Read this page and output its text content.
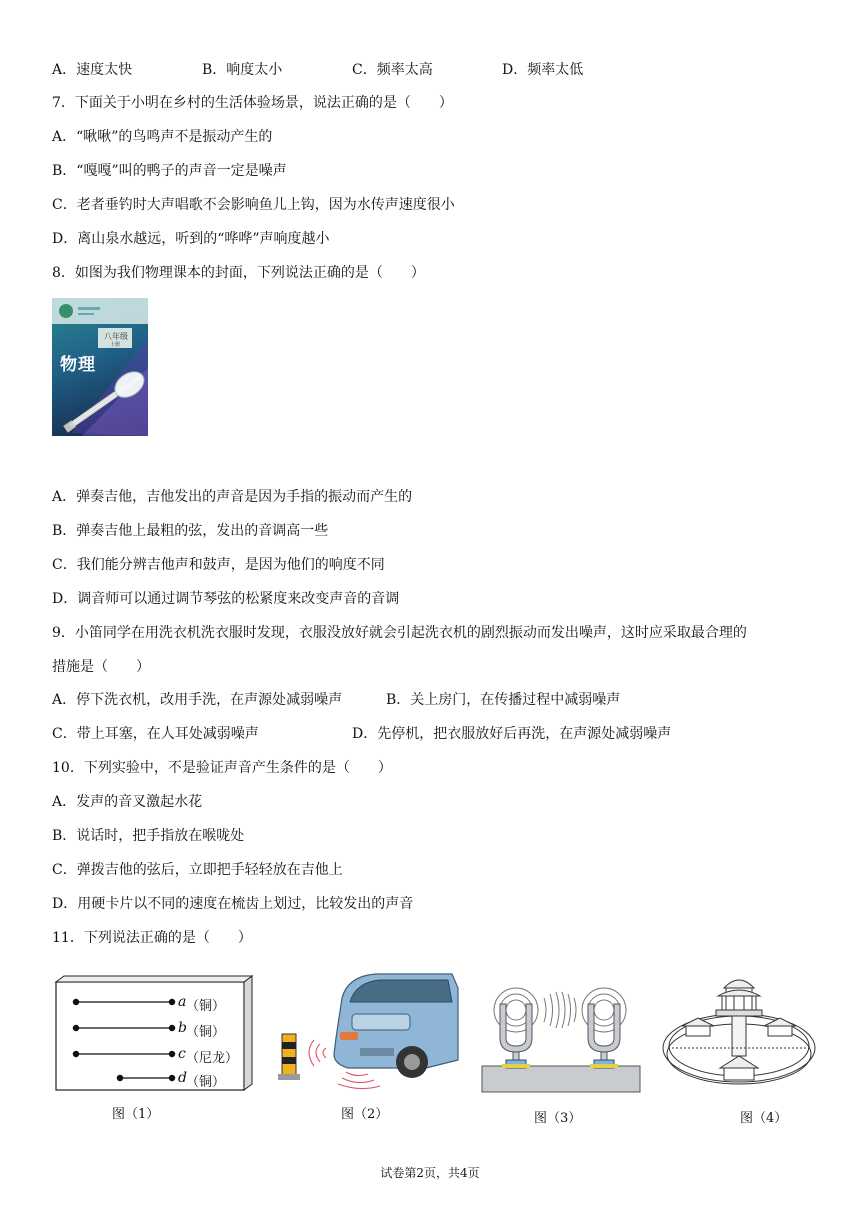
A．速度太快	B．响度太小	C．频率太高	D．频率太低
7．下面关于小明在乡村的生活体验场景，说法正确的是（　　）
A．“啾啾”的鸟鸣声不是振动产生的
B．“嘎嘎”叫的鸭子的声音一定是噪声
C．老者垂钓时大声唱歌不会影响鱼儿上钩，因为水传声速度很小
D．离山泉水越远，听到的“哗哗”声响度越小
8．如图为我们物理课本的封面，下列说法正确的是（　　）
八年级
上册
物理
A．弹奏吉他，吉他发出的声音是因为手指的振动而产生的
B．弹奏吉他上最粗的弦，发出的音调高一些
C．我们能分辨吉他声和鼓声，是因为他们的响度不同
D．调音师可以通过调节琴弦的松紧度来改变声音的音调
9．小笛同学在用洗衣机洗衣服时发现，衣服没放好就会引起洗衣机的剧烈振动而发出噪声，这时应采取最合理的
措施是（　　）
A．停下洗衣机，改用手洗，在声源处减弱噪声	B．关上房门，在传播过程中减弱噪声
C．带上耳塞，在人耳处减弱噪声	D．先停机，把衣服放好后再洗，在声源处减弱噪声
10．下列实验中，不是验证声音产生条件的是（　　）
A．发声的音叉激起水花
B．说话时，把手指放在喉咙处
C．弹拨吉他的弦后，立即把手轻轻放在吉他上
D．用硬卡片以不同的速度在梳齿上划过，比较发出的声音
11．下列说法正确的是（　　）
a （铜）
b （铜）
c （尼龙）
d （铜）
图（1）	图（2）	图（3）	图（4）
试卷第2页，共4页
